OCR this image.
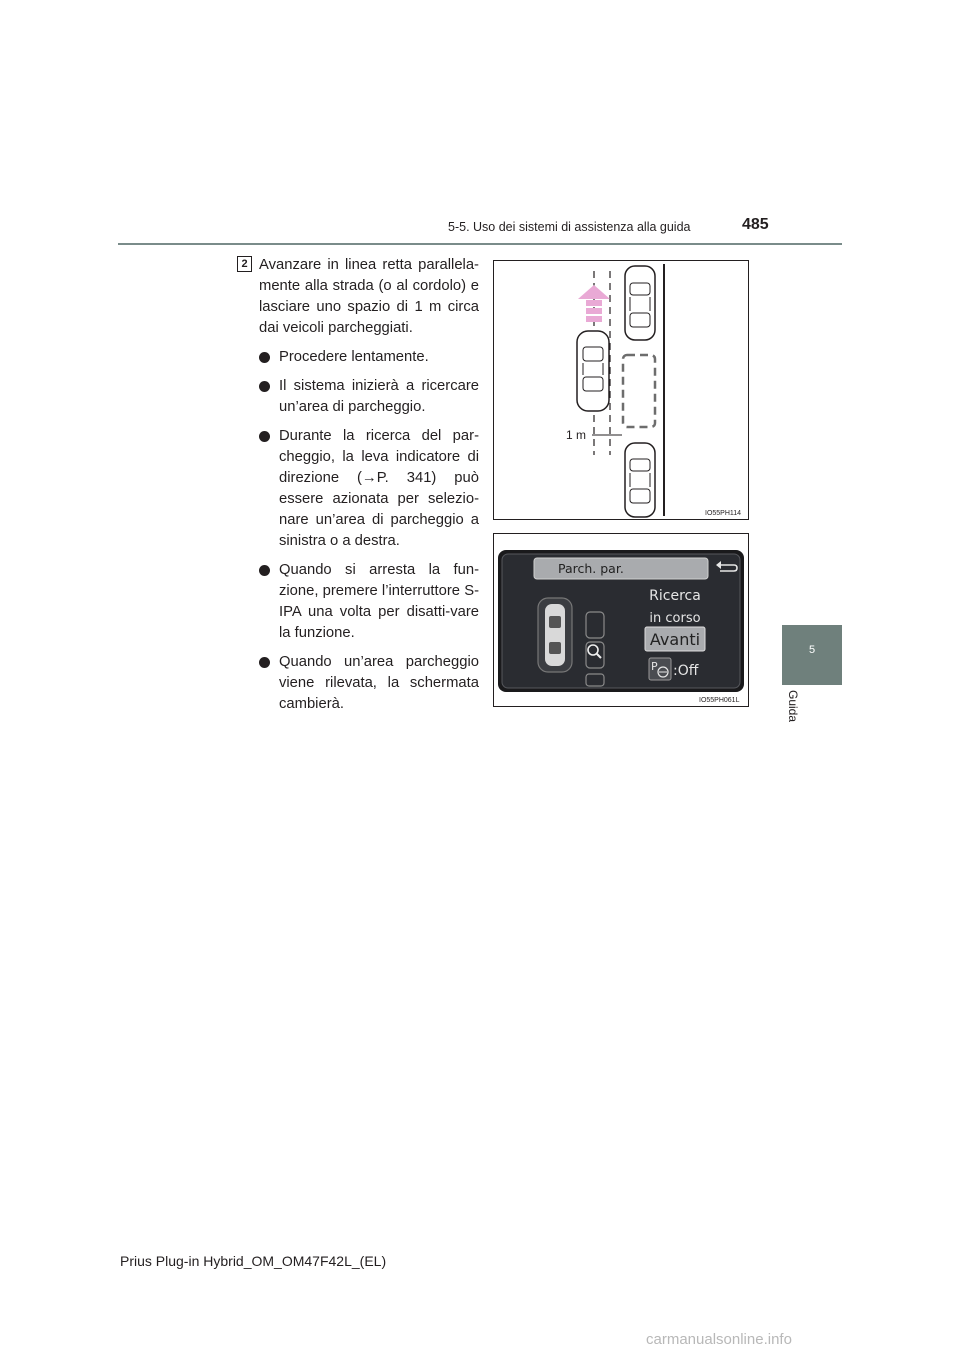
5-5. Uso dei sistemi di assistenza alla guida	485
5
Guida
2 Avanzare in linea retta parallela-mente alla strada (o al cordolo) e lasciare uno spazio di 1 m circa dai veicoli parcheggiati.

Procedere lentamente.
Il sistema inizierà a ricercare un’area di parcheggio.
Durante la ricerca del par-cheggio, la leva indicatore di direzione (→P. 341) può essere azionata per selezio-nare un’area di parcheggio a sinistra o a destra.
Quando si arresta la fun-zione, premere l’interruttore S-IPA una volta per disatti-vare la funzione.
Quando un’area parcheggio viene rilevata, la schermata cambierà.
1 m
IO55PH114
Parch. par.
Ricerca
in corso
Avanti
P :Off
IO55PH061L
Prius Plug-in Hybrid_OM_OM47F42L_(EL)
carmanualsonline.info
